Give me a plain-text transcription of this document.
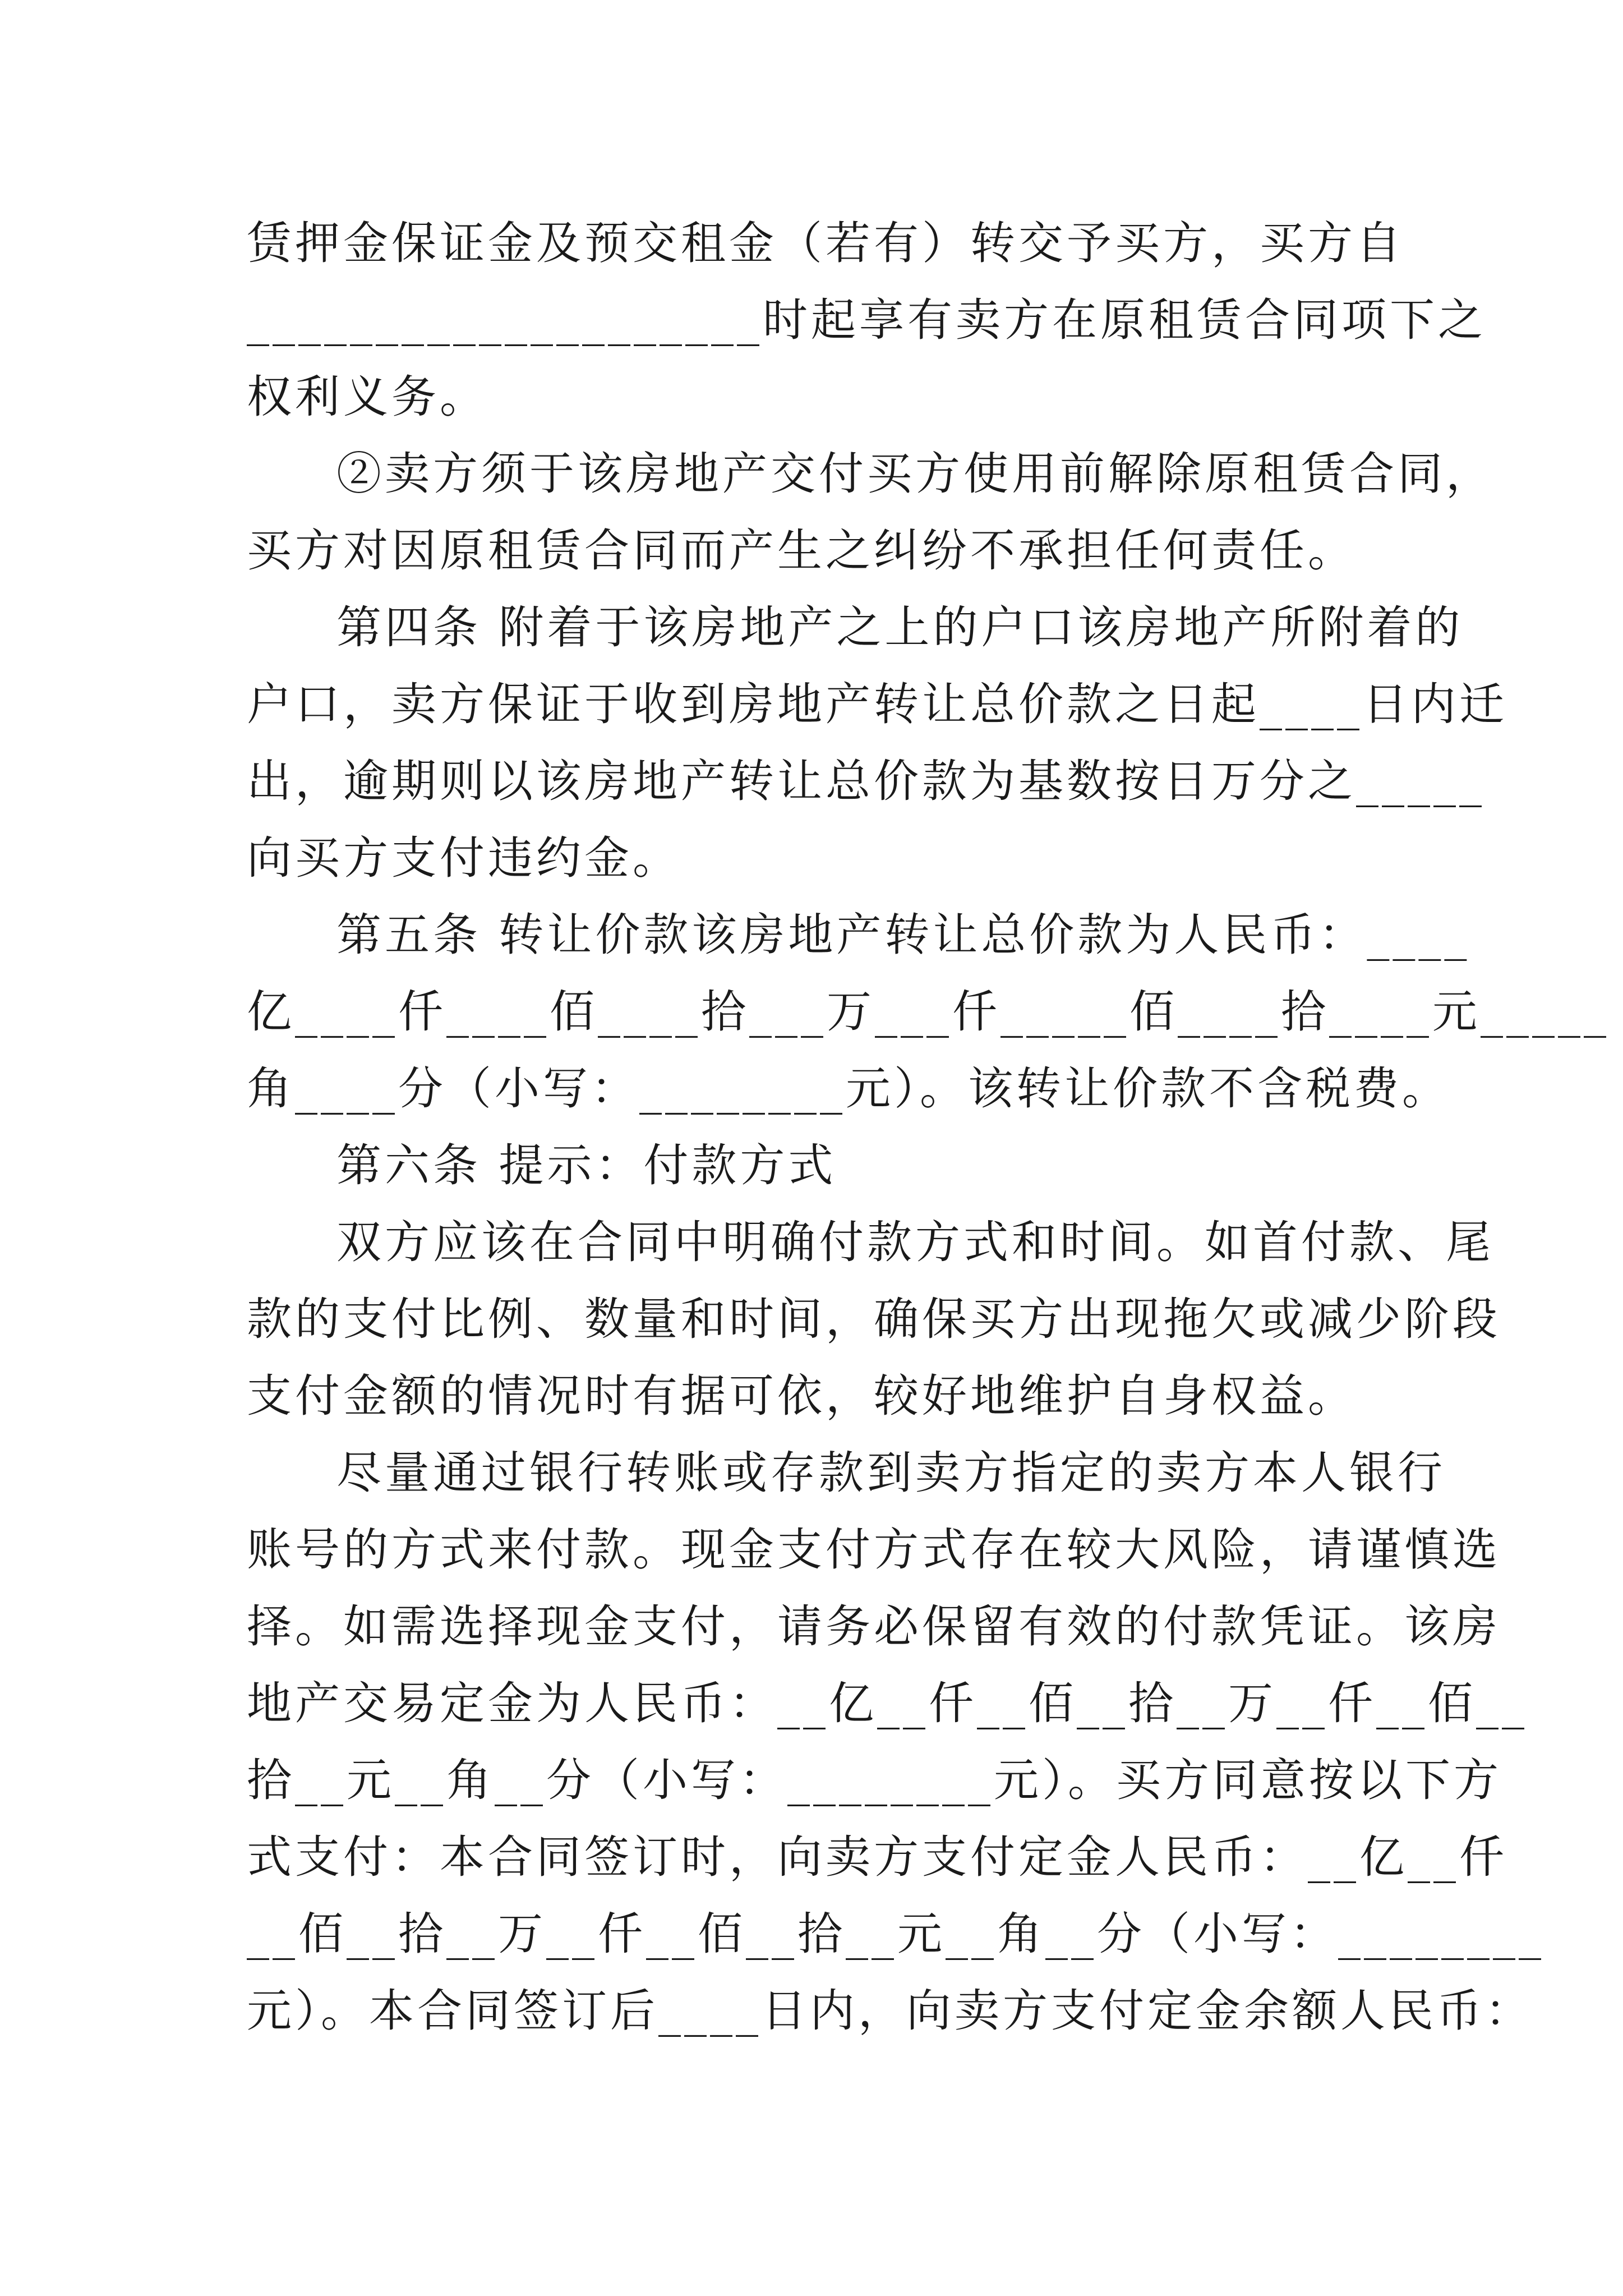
赁押金保证金及预交租金（若有）转交予买方，买方自
____________________时起享有卖方在原租赁合同项下之
权利义务。
②卖方须于该房地产交付买方使用前解除原租赁合同，
买方对因原租赁合同而产生之纠纷不承担任何责任。
第四条 附着于该房地产之上的户口该房地产所附着的
户口，卖方保证于收到房地产转让总价款之日起____日内迁
出，逾期则以该房地产转让总价款为基数按日万分之_____
向买方支付违约金。
第五条 转让价款该房地产转让总价款为人民币：____
亿____仟____佰____拾___万___仟_____佰____拾____元_____
角____分（小写：________元）。该转让价款不含税费。
第六条 提示：付款方式
双方应该在合同中明确付款方式和时间。如首付款、尾
款的支付比例、数量和时间，确保买方出现拖欠或减少阶段
支付金额的情况时有据可依，较好地维护自身权益。
尽量通过银行转账或存款到卖方指定的卖方本人银行
账号的方式来付款。现金支付方式存在较大风险，请谨慎选
择。如需选择现金支付，请务必保留有效的付款凭证。该房
地产交易定金为人民币：__亿__仟__佰__拾__万__仟__佰__
拾__元__角__分（小写：________元）。买方同意按以下方
式支付：本合同签订时，向卖方支付定金人民币：__亿__仟
__佰__拾__万__仟__佰__拾__元__角__分（小写：________
元）。本合同签订后____日内，向卖方支付定金余额人民币：
